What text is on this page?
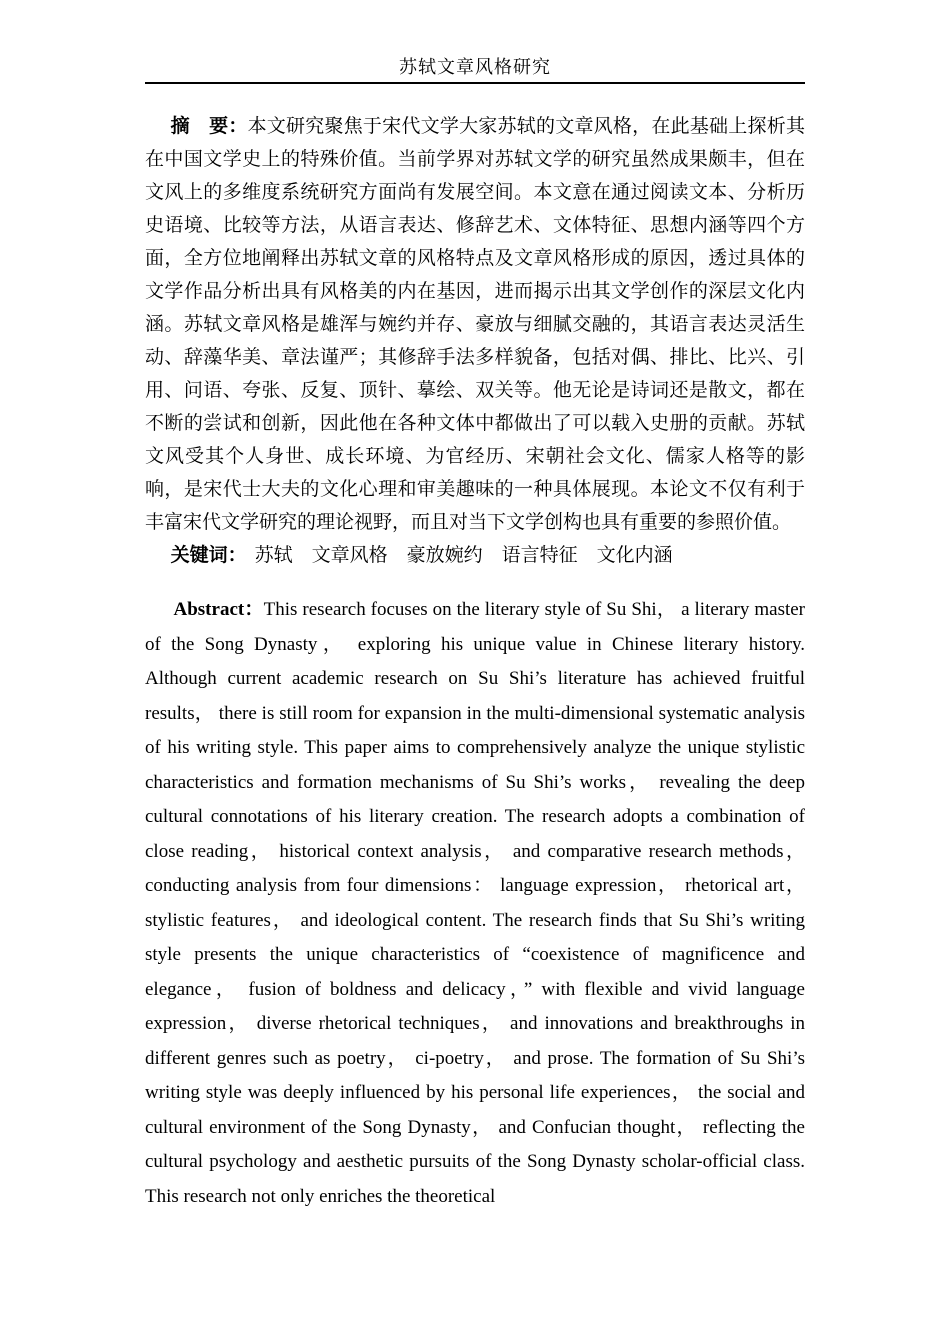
苏轼文章风格研究

摘　要：本文研究聚焦于宋代文学大家苏轼的文章风格，在此基础上探析其在中国文学史上的特殊价值。当前学界对苏轼文学的研究虽然成果颇丰，但在文风上的多维度系统研究方面尚有发展空间。本文意在通过阅读文本、分析历史语境、比较等方法，从语言表达、修辞艺术、文体特征、思想内涵等四个方面，全方位地阐释出苏轼文章的风格特点及文章风格形成的原因，透过具体的文学作品分析出具有风格美的内在基因，进而揭示出其文学创作的深层文化内涵。苏轼文章风格是雄浑与婉约并存、豪放与细腻交融的，其语言表达灵活生动、辞藻华美、章法谨严；其修辞手法多样貌备，包括对偶、排比、比兴、引用、问语、夸张、反复、顶针、摹绘、双关等。他无论是诗词还是散文，都在不断的尝试和创新，因此他在各种文体中都做出了可以载入史册的贡献。苏轼文风受其个人身世、成长环境、为官经历、宋朝社会文化、儒家人格等的影响，是宋代士大夫的文化心理和审美趣味的一种具体展现。本论文不仅有利于丰富宋代文学研究的理论视野，而且对当下文学创构也具有重要的参照价值。

关键词： 苏轼  文章风格  豪放婉约  语言特征  文化内涵

Abstract：This research focuses on the literary style of Su Shi， a literary master of the Song Dynasty， exploring his unique value in Chinese literary history. Although current academic research on Su Shi’s literature has achieved fruitful results， there is still room for expansion in the multi-dimensional systematic analysis of his writing style. This paper aims to comprehensively analyze the unique stylistic characteristics and formation mechanisms of Su Shi’s works， revealing the deep cultural connotations of his literary creation. The research adopts a combination of close reading， historical context analysis， and comparative research methods， conducting analysis from four dimensions： language expression， rhetorical art， stylistic features， and ideological content. The research finds that Su Shi’s writing style presents the unique characteristics of “coexistence of magnificence and elegance， fusion of boldness and delicacy，” with flexible and vivid language expression， diverse rhetorical techniques， and innovations and breakthroughs in different genres such as poetry， ci-poetry， and prose. The formation of Su Shi’s writing style was deeply influenced by his personal life experiences， the social and cultural environment of the Song Dynasty， and Confucian thought， reflecting the cultural psychology and aesthetic pursuits of the Song Dynasty scholar-official class. This research not only enriches the theoretical
